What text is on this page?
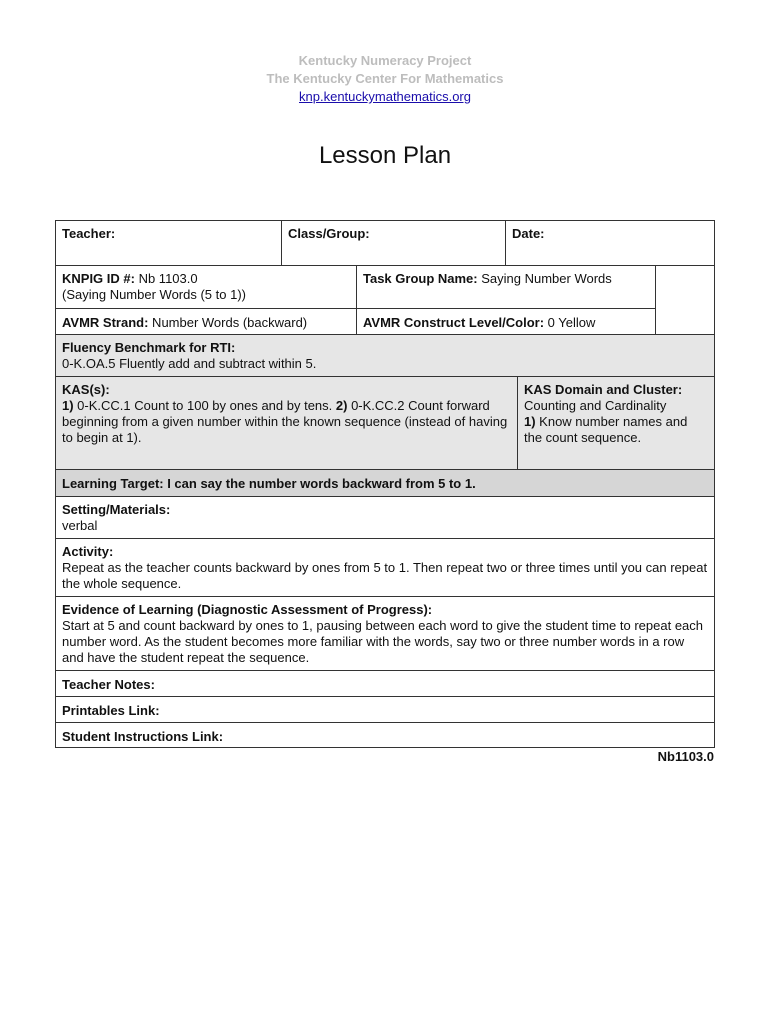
Kentucky Numeracy Project
The Kentucky Center For Mathematics
knp.kentuckymathematics.org
Lesson Plan
Teacher:	Class/Group:	Date:
KNPIG ID #: Nb 1103.0
(Saying Number Words (5 to 1))
Task Group Name: Saying Number Words
AVMR Strand: Number Words (backward)	AVMR Construct Level/Color: 0 Yellow
Fluency Benchmark for RTI:
0-K.OA.5 Fluently add and subtract within 5.
KAS(s):
1) 0-K.CC.1 Count to 100 by ones and by tens. 2) 0-K.CC.2 Count forward beginning from a given number within the known sequence (instead of having to begin at 1).
KAS Domain and Cluster:
Counting and Cardinality
1) Know number names and the count sequence.
Learning Target: I can say the number words backward from 5 to 1.
Setting/Materials:
verbal
Activity:
Repeat as the teacher counts backward by ones from 5 to 1. Then repeat two or three times until you can repeat the whole sequence.
Evidence of Learning (Diagnostic Assessment of Progress):
Start at 5 and count backward by ones to 1, pausing between each word to give the student time to repeat each number word. As the student becomes more familiar with the words, say two or three number words in a row and have the student repeat the sequence.
Teacher Notes:
Printables Link:
Student Instructions Link:
Nb1103.0
